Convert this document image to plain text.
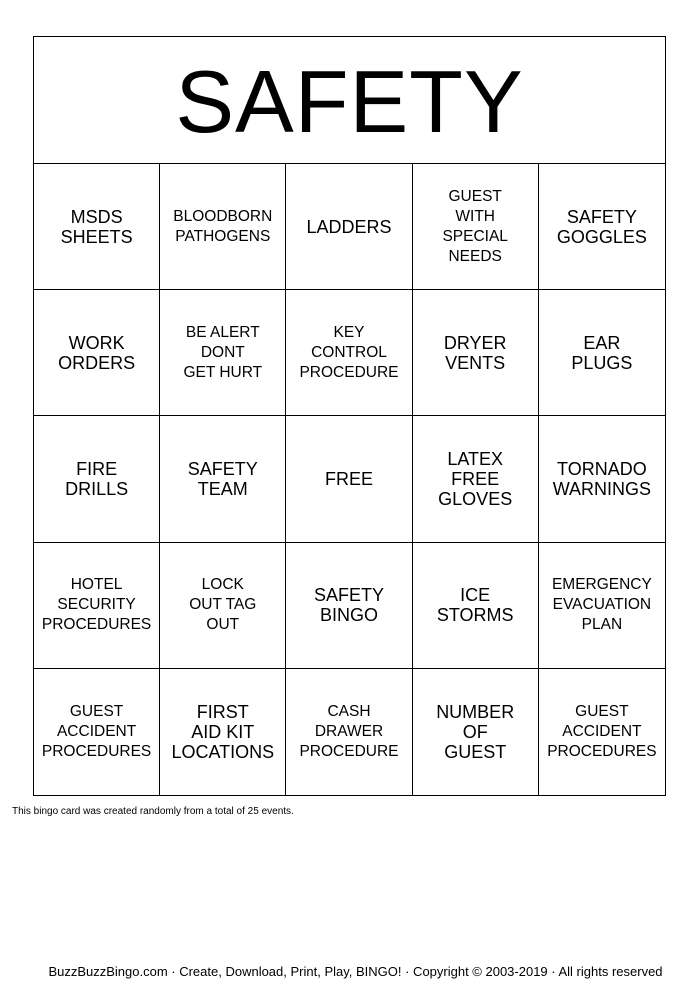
SAFETY
MSDS
SHEETS
BLOODBORN
PATHOGENS	LADDERS
GUEST
WITH
SPECIAL
NEEDS
SAFETY
GOGGLES
WORK
ORDERS
BE ALERT
DONT
GET HURT
KEY
CONTROL
PROCEDURE
DRYER
VENTS
EAR
PLUGS
FIRE
DRILLS
SAFETY
TEAM	FREE
LATEX
FREE
GLOVES
TORNADO
WARNINGS
HOTEL
SECURITY
PROCEDURES
LOCK
OUT TAG
OUT
SAFETY
BINGO
ICE
STORMS
EMERGENCY
EVACUATION
PLAN
GUEST
ACCIDENT
PROCEDURES
FIRST
AID KIT
LOCATIONS
CASH
DRAWER
PROCEDURE
NUMBER
OF
GUEST
GUEST
ACCIDENT
PROCEDURES
This bingo card was created randomly from a total of 25 events.
BuzzBuzzBingo.com · Create, Download, Print, Play, BINGO! · Copyright © 2003-2019 · All rights reserved
